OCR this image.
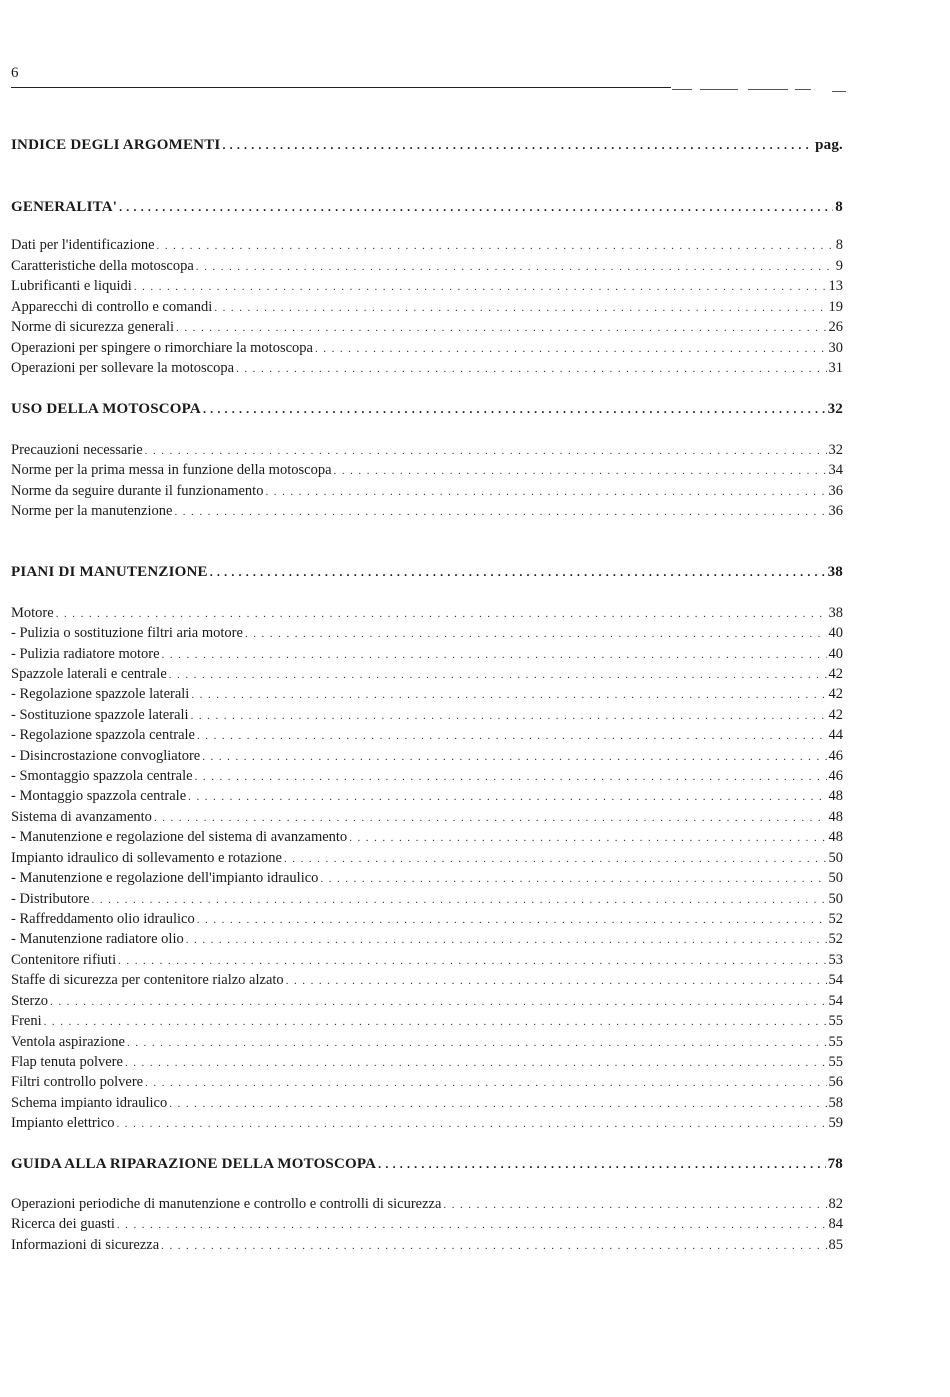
6
INDICE DEGLI ARGOMENTI . . .	pag.
GENERALITA' . . .	8
Dati per l'identificazione . . .	8
Caratteristiche della motoscopa . . .	9
Lubrificanti e liquidi . . .	13
Apparecchi di controllo e comandi . . .	19
Norme di sicurezza generali . . .	26
Operazioni per spingere o rimorchiare la motoscopa . . .	30
Operazioni per sollevare la motoscopa . . .	31
USO DELLA MOTOSCOPA . . .	32
Precauzioni necessarie . . .	32
Norme per la prima messa in funzione della motoscopa . . .	34
Norme da seguire durante il funzionamento . . .	36
Norme per la manutenzione . . .	36
PIANI DI MANUTENZIONE . . .	38
Motore . . .	38
- Pulizia o sostituzione filtri aria motore . . .	40
- Pulizia radiatore motore . . .	40
Spazzole laterali e centrale . . .	42
- Regolazione spazzole laterali . . .	42
- Sostituzione spazzole laterali . . .	42
- Regolazione spazzola centrale . . .	44
- Disincrostazione convogliatore . . .	46
- Smontaggio spazzola centrale . . .	46
- Montaggio spazzola centrale . . .	48
Sistema di avanzamento . . .	48
- Manutenzione e regolazione del sistema di avanzamento . . .	48
Impianto idraulico di sollevamento e rotazione . . .	50
- Manutenzione e regolazione dell'impianto idraulico . . .	50
- Distributore . . .	50
- Raffreddamento olio idraulico . . .	52
- Manutenzione radiatore olio . . .	52
Contenitore rifiuti . . .	53
Staffe di sicurezza per contenitore rialzo alzato . . .	54
Sterzo . . .	54
Freni . . .	55
Ventola aspirazione . . .	55
Flap tenuta polvere . . .	55
Filtri controllo polvere . . .	56
Schema impianto idraulico . . .	58
Impianto elettrico . . .	59
GUIDA ALLA RIPARAZIONE DELLA MOTOSCOPA . . .	78
Operazioni periodiche di manutenzione e controllo e controlli di sicurezza . . .	82
Ricerca dei guasti . . .	84
Informazioni di sicurezza . . .	85
